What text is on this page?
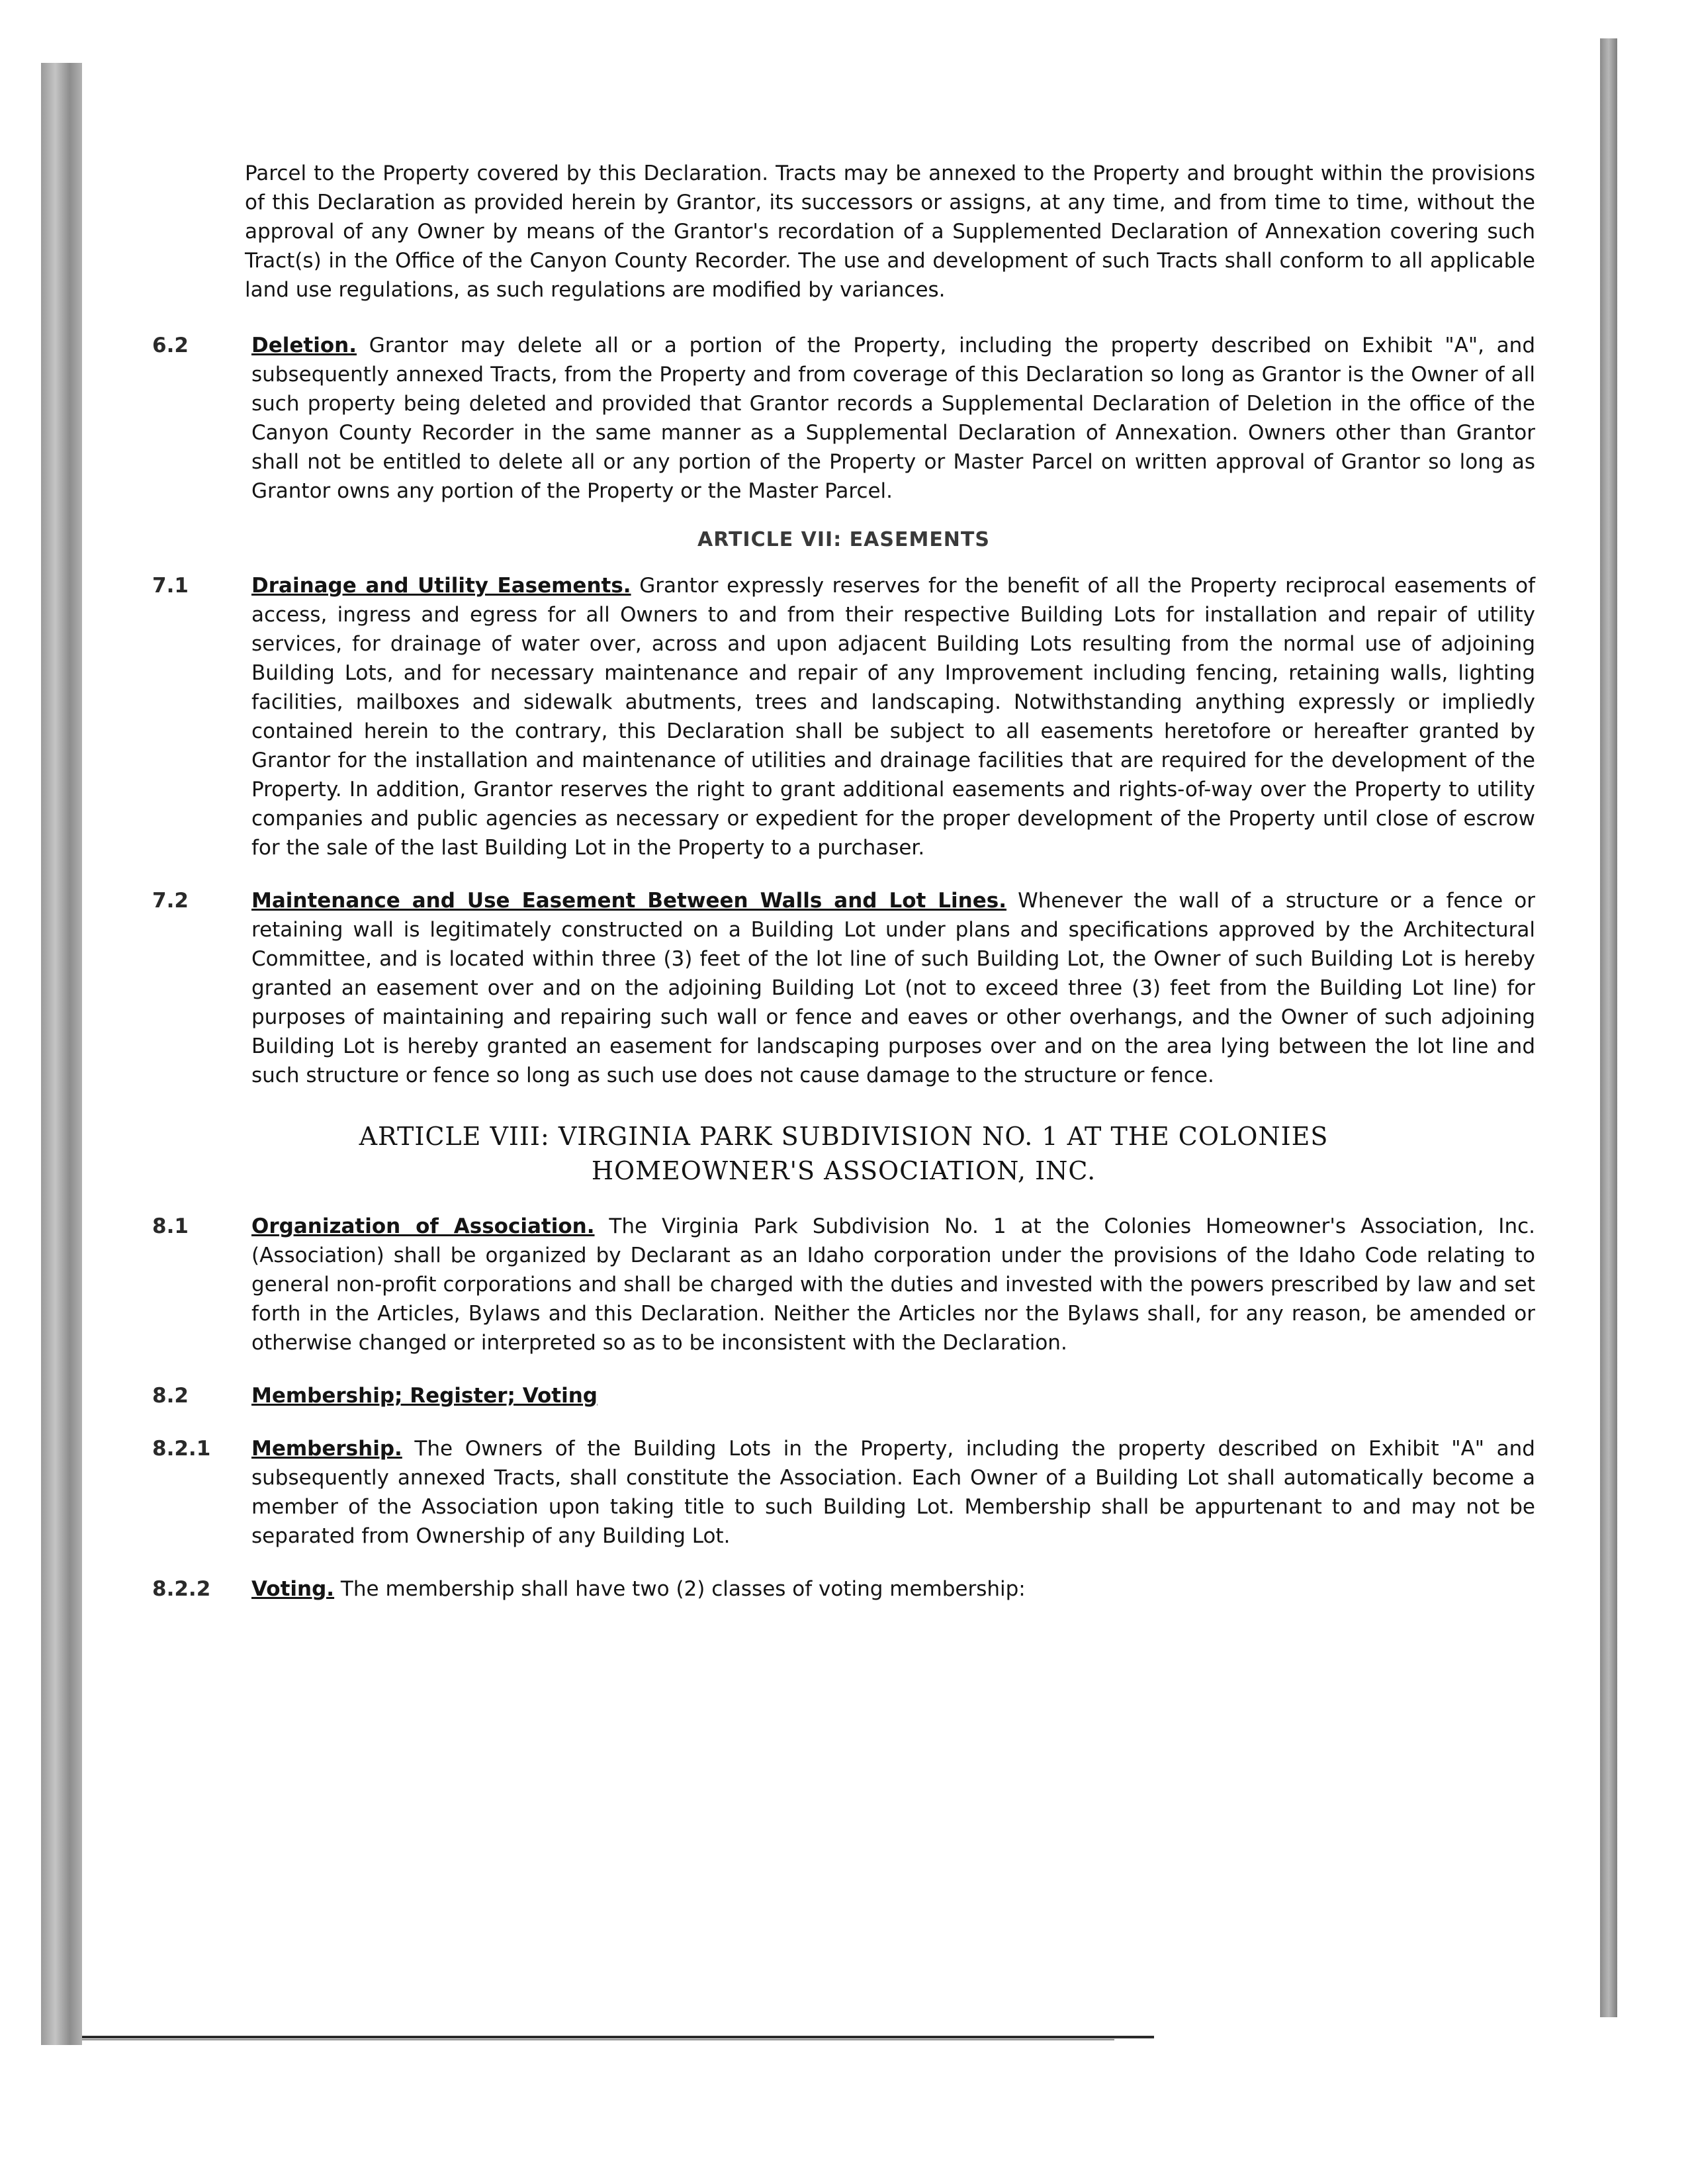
Parcel to the Property covered by this Declaration. Tracts may be annexed to the Property and brought within the provisions of this Declaration as provided herein by Grantor, its successors or assigns, at any time, and from time to time, without the approval of any Owner by means of the Grantor's recordation of a Supplemented Declaration of Annexation covering such Tract(s) in the Office of the Canyon County Recorder. The use and development of such Tracts shall conform to all applicable land use regulations, as such regulations are modified by variances.

6.2	Deletion. Grantor may delete all or a portion of the Property, including the property described on Exhibit "A", and subsequently annexed Tracts, from the Property and from coverage of this Declaration so long as Grantor is the Owner of all such property being deleted and provided that Grantor records a Supplemental Declaration of Deletion in the office of the Canyon County Recorder in the same manner as a Supplemental Declaration of Annexation. Owners other than Grantor shall not be entitled to delete all or any portion of the Property or Master Parcel on written approval of Grantor so long as Grantor owns any portion of the Property or the Master Parcel.

ARTICLE VII: EASEMENTS

7.1	Drainage and Utility Easements. Grantor expressly reserves for the benefit of all the Property reciprocal easements of access, ingress and egress for all Owners to and from their respective Building Lots for installation and repair of utility services, for drainage of water over, across and upon adjacent Building Lots resulting from the normal use of adjoining Building Lots, and for necessary maintenance and repair of any Improvement including fencing, retaining walls, lighting facilities, mailboxes and sidewalk abutments, trees and landscaping. Notwithstanding anything expressly or impliedly contained herein to the contrary, this Declaration shall be subject to all easements heretofore or hereafter granted by Grantor for the installation and maintenance of utilities and drainage facilities that are required for the development of the Property. In addition, Grantor reserves the right to grant additional easements and rights-of-way over the Property to utility companies and public agencies as necessary or expedient for the proper development of the Property until close of escrow for the sale of the last Building Lot in the Property to a purchaser.

7.2	Maintenance and Use Easement Between Walls and Lot Lines. Whenever the wall of a structure or a fence or retaining wall is legitimately constructed on a Building Lot under plans and specifications approved by the Architectural Committee, and is located within three (3) feet of the lot line of such Building Lot, the Owner of such Building Lot is hereby granted an easement over and on the adjoining Building Lot (not to exceed three (3) feet from the Building Lot line) for purposes of maintaining and repairing such wall or fence and eaves or other overhangs, and the Owner of such adjoining Building Lot is hereby granted an easement for landscaping purposes over and on the area lying between the lot line and such structure or fence so long as such use does not cause damage to the structure or fence.

ARTICLE VIII: VIRGINIA PARK SUBDIVISION NO. 1 AT THE COLONIES

HOMEOWNER'S ASSOCIATION, INC.

8.1	Organization of Association. The Virginia Park Subdivision No. 1 at the Colonies Homeowner's Association, Inc. (Association) shall be organized by Declarant as an Idaho corporation under the provisions of the Idaho Code relating to general non-profit corporations and shall be charged with the duties and invested with the powers prescribed by law and set forth in the Articles, Bylaws and this Declaration. Neither the Articles nor the Bylaws shall, for any reason, be amended or otherwise changed or interpreted so as to be inconsistent with the Declaration.

8.2	Membership; Register; Voting

8.2.1	Membership. The Owners of the Building Lots in the Property, including the property described on Exhibit "A" and subsequently annexed Tracts, shall constitute the Association. Each Owner of a Building Lot shall automatically become a member of the Association upon taking title to such Building Lot. Membership shall be appurtenant to and may not be separated from Ownership of any Building Lot.

8.2.2	Voting. The membership shall have two (2) classes of voting membership:
